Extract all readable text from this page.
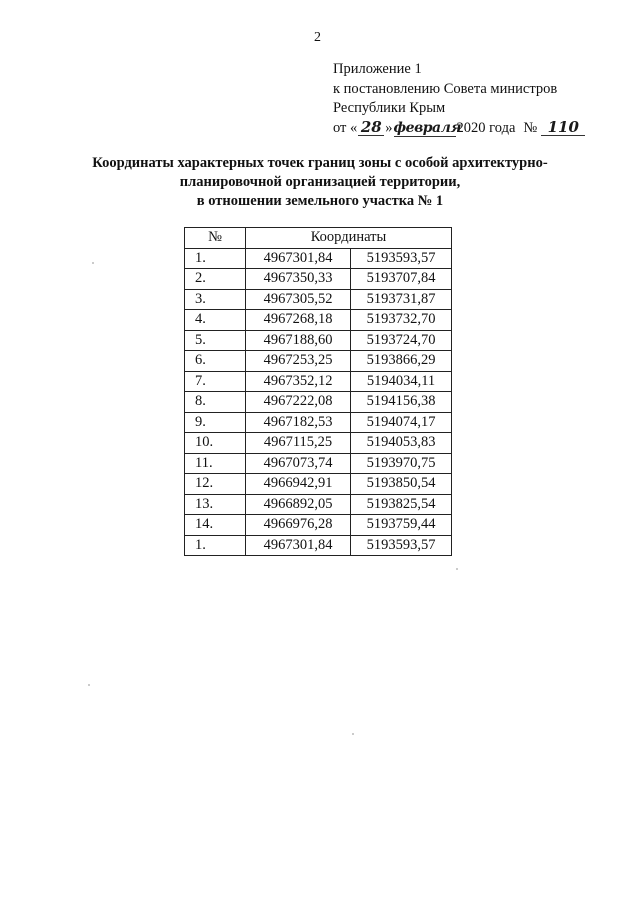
2
Приложение 1
к постановлению Совета министров
Республики Крым
от « 28 » февраля
2020 года № 110
Координаты характерных точек границ зоны с особой архитектурно-
планировочной организацией территории,
в отношении земельного участка № 1
№	Координаты	
1.	4967301,84	5193593,57
2.	4967350,33	5193707,84
3.	4967305,52	5193731,87
4.	4967268,18	5193732,70
5.	4967188,60	5193724,70
6.	4967253,25	5193866,29
7.	4967352,12	5194034,11
8.	4967222,08	5194156,38
9.	4967182,53	5194074,17
10.	4967115,25	5194053,83
11.	4967073,74	5193970,75
12.	4966942,91	5193850,54
13.	4966892,05	5193825,54
14.	4966976,28	5193759,44
1.	4967301,84	5193593,57
